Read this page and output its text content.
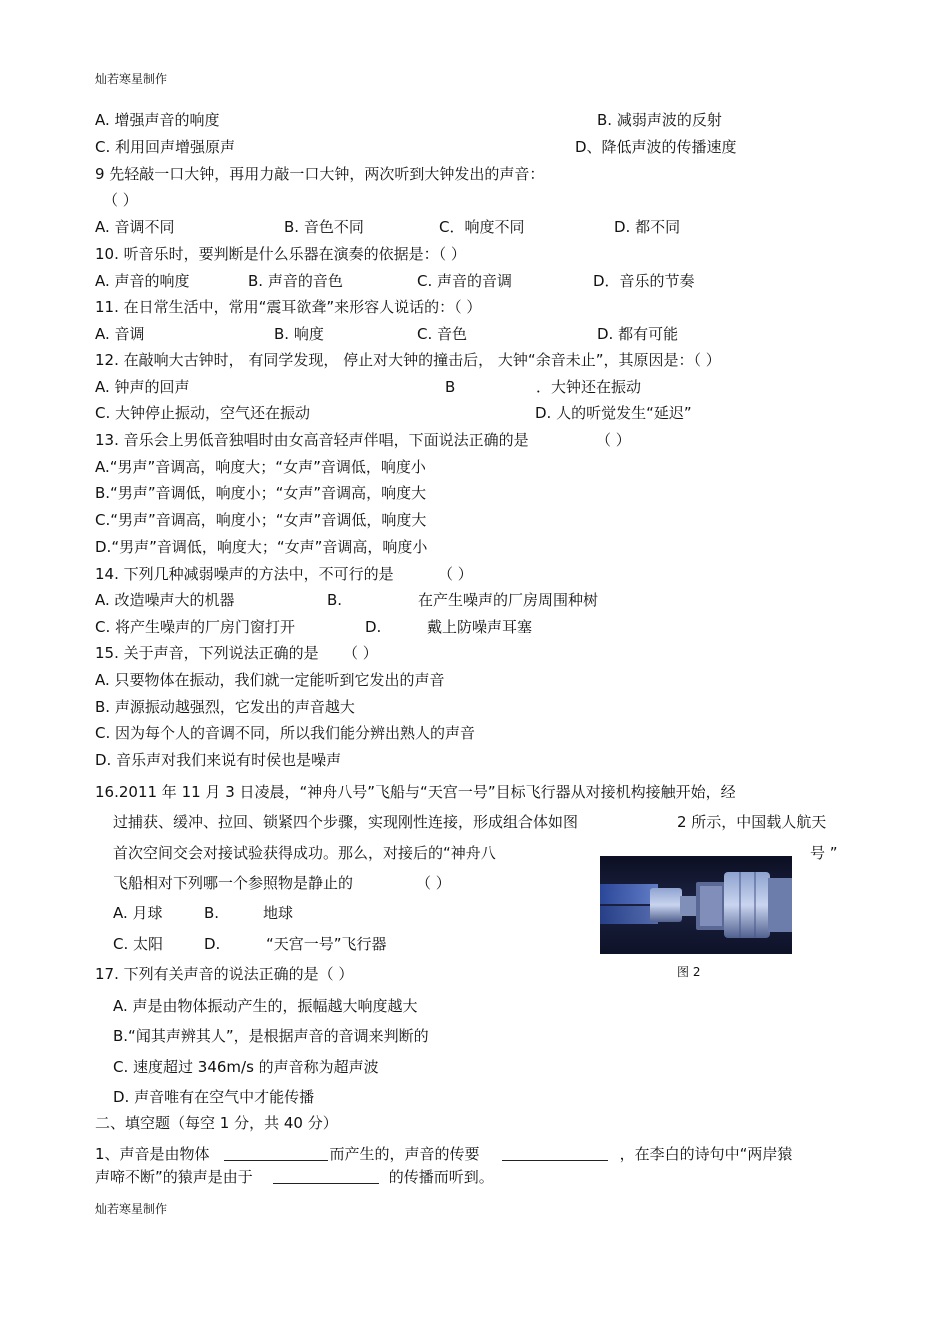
灿若寒星制作
A. 增强声音的响度	B. 减弱声波的反射
C. 利用回声增强原声	D、降低声波的传播速度
9 先轻敲一口大钟，再用力敲一口大钟，两次听到大钟发出的声音：
（ ）
A. 音调不同	B. 音色不同	C．响度不同	D. 都不同
10. 听音乐时，要判断是什么乐器在演奏的依据是：（ ）
A. 声音的响度	B. 声音的音色	C. 声音的音调	D．音乐的节奏
11. 在日常生活中，常用“震耳欲聋”来形容人说话的：（ ）
A. 音调	B. 响度	C. 音色	D. 都有可能
12. 在敲响大古钟时， 有同学发现， 停止对大钟的撞击后， 大钟“余音未止”，其原因是：（ ）
A. 钟声的回声	B	．大钟还在振动
C. 大钟停止振动，空气还在振动	D. 人的听觉发生“延迟”
13. 音乐会上男低音独唱时由女高音轻声伴唱，下面说法正确的是	（ ）
A.“男声”音调高，响度大；“女声”音调低，响度小
B.“男声”音调低，响度小；“女声”音调高，响度大
C.“男声”音调高，响度小；“女声”音调低，响度大
D.“男声”音调低，响度大；“女声”音调高，响度小
14. 下列几种减弱噪声的方法中，不可行的是	（ ）
A. 改造噪声大的机器	B.	在产生噪声的厂房周围种树
C. 将产生噪声的厂房门窗打开	D.	戴上防噪声耳塞
15. 关于声音，下列说法正确的是 （ ）
A. 只要物体在振动，我们就一定能听到它发出的声音
B. 声源振动越强烈，它发出的声音越大
C. 因为每个人的音调不同，所以我们能分辨出熟人的声音
D. 音乐声对我们来说有时侯也是噪声
16.2011 年 11 月 3 日凌晨，“神舟八号”飞船与“天宫一号”目标飞行器从对接机构接触开始，经
过捕获、缓冲、拉回、锁紧四个步骤，实现刚性连接，形成组合体如图	2 所示，中国载人航天
首次空间交会对接试验获得成功。那么，对接后的“神舟八	号 ”
飞船相对下列哪一个参照物是静止的	（ ）
A. 月球	B.	地球
C. 太阳	D.	“天宫一号”飞行器
图 2
17. 下列有关声音的说法正确的是（ ）
A. 声是由物体振动产生的，振幅越大响度越大
B.“闻其声辨其人”，是根据声音的音调来判断的
C. 速度超过 346m/s 的声音称为超声波
D. 声音唯有在空气中才能传播
二、填空题（每空 1 分，共 40 分）
1、声音是由物体	而产生的，声音的传要	，在李白的诗句中“两岸猿
声啼不断”的猿声是由于	的传播而听到。
灿若寒星制作
